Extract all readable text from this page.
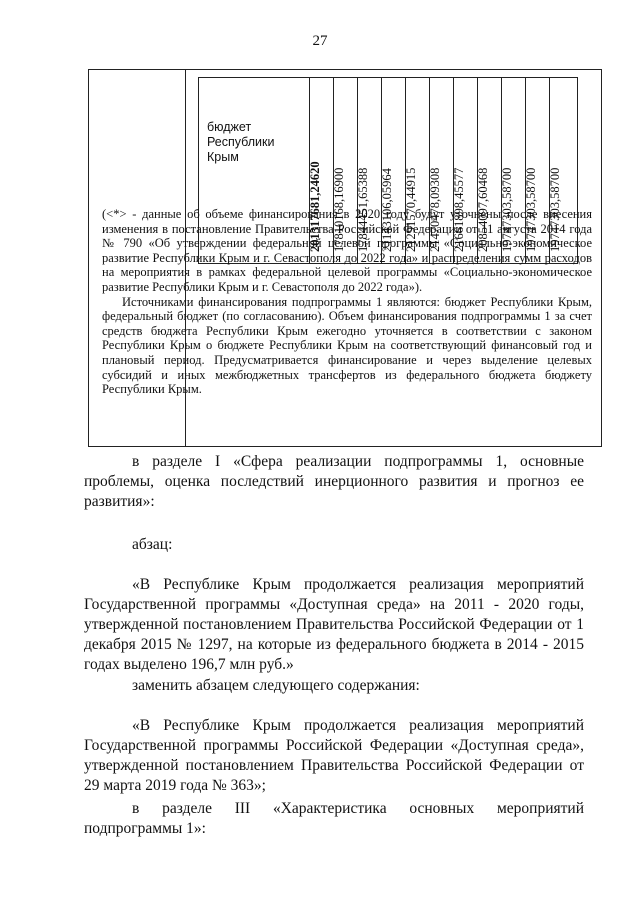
27
бюджет
Республики
Крым
201317681,24620 17810168,16900 17844451,65388 21143106,05964 21291570,44915 21470478,09308 21661898,45577 20854097,60468 19747303,58700 19747303,58700 19747303,58700

(<*> - данные об объеме финансирования в 2020 году будут уточнены после внесения изменения в постановление Правительства Российской Федерации от 11 августа 2014 года № 790 «Об утверждении федеральной целевой программы «Социально-экономическое развитие Республики Крым и г. Севастополя до 2022 года» и распределения сумм расходов на мероприятия в рамках федеральной целевой программы «Социально-экономическое развитие Республики Крым и г. Севастополя до 2022 года»).

Источниками финансирования подпрограммы 1 являются: бюджет Республики Крым, федеральный бюджет (по согласованию). Объем финансирования подпрограммы 1 за счет средств бюджета Республики Крым ежегодно уточняется в соответствии с законом Республики Крым о бюджете Республики Крым на соответствующий финансовый год и плановый период. Предусматривается финансирование и через выделение целевых субсидий и иных межбюджетных трансфертов из федерального бюджета бюджету Республики Крым.

в разделе I «Сфера реализации подпрограммы 1, основные проблемы, оценка последствий инерционного развития и прогноз ее развития»:

абзац:

«В Республике Крым продолжается реализация мероприятий Государственной программы «Доступная среда» на 2011 - 2020 годы, утвержденной постановлением Правительства Российской Федерации от 1 декабря 2015 № 1297, на которые из федерального бюджета в 2014 - 2015 годах выделено 196,7 млн руб.»

заменить абзацем следующего содержания:

«В Республике Крым продолжается реализация мероприятий Государственной программы Российской Федерации «Доступная среда», утвержденной постановлением Правительства Российской Федерации от 29 марта 2019 года № 363»;

в разделе III «Характеристика основных мероприятий подпрограммы 1»:
